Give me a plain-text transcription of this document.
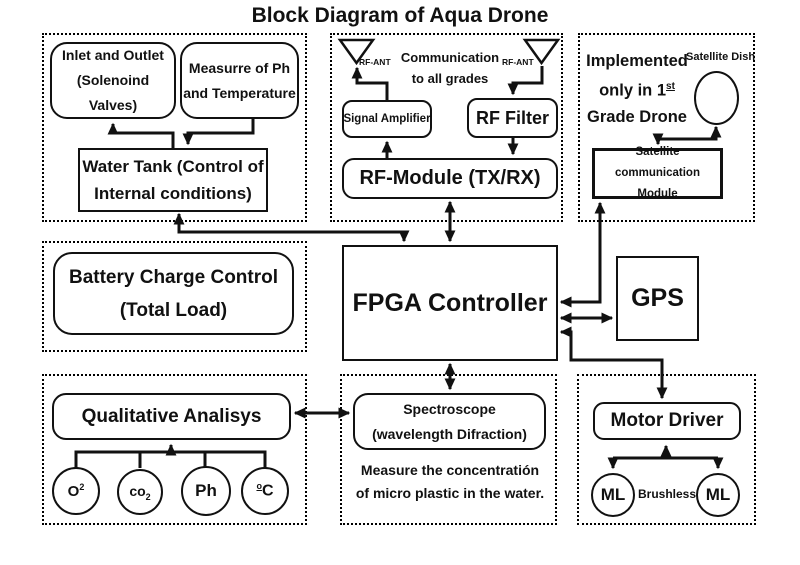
Block Diagram of Aqua Drone
Inlet and Outlet
(Solenoind Valves)
Measurre of Ph
and Temperature
Water Tank (Control of
Internal conditions)
RF-ANT	RF-ANT
Communication
to all grades
Signal Amplifier	RF Filter
RF-Module (TX/RX)
Implemented
only in 1st
Grade Drone
Satellite Dish
Satellite communication
Module
Battery Charge Control
(Total Load)	FPGA Controller	GPS
Qualitative Analisys
$O^2$	$co_2$	Ph	$^o$C
Spectroscope
(wavelength Difraction)
Measure the concentratión
of micro plastic in the water.
Motor Driver
ML	ML
Brushless
